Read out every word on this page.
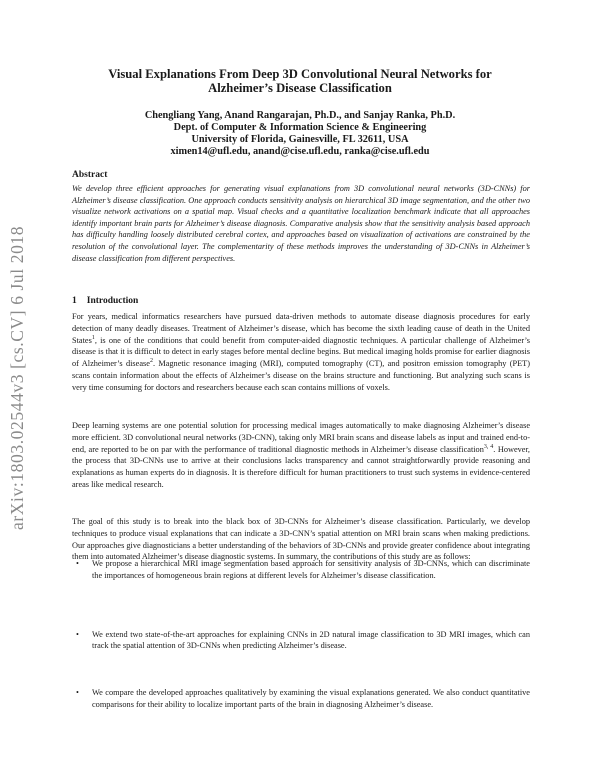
arXiv:1803.02544v3 [cs.CV] 6 Jul 2018
Visual Explanations From Deep 3D Convolutional Neural Networks for
Alzheimer’s Disease Classification
Chengliang Yang, Anand Rangarajan, Ph.D., and Sanjay Ranka, Ph.D.
Dept. of Computer & Information Science & Engineering
University of Florida, Gainesville, FL 32611, USA
ximen14@ufl.edu, anand@cise.ufl.edu, ranka@cise.ufl.edu
Abstract
We develop three efficient approaches for generating visual explanations from 3D convolutional neural networks (3D-CNNs) for Alzheimer’s disease classification. One approach conducts sensitivity analysis on hierarchical 3D image segmentation, and the other two visualize network activations on a spatial map. Visual checks and a quantitative localization benchmark indicate that all approaches identify important brain parts for Alzheimer’s disease diagnosis. Comparative analysis show that the sensitivity analysis based approach has difficulty handling loosely distributed cerebral cortex, and approaches based on visualization of activations are constrained by the resolution of the convolutional layer. The complementarity of these methods improves the understanding of 3D-CNNs in Alzheimer’s disease classification from different perspectives.
1 Introduction
For years, medical informatics researchers have pursued data-driven methods to automate disease diagnosis procedures for early detection of many deadly diseases. Treatment of Alzheimer’s disease, which has become the sixth leading cause of death in the United States$^1$, is one of the conditions that could benefit from computer-aided diagnostic techniques. A particular challenge of Alzheimer’s disease is that it is difficult to detect in early stages before mental decline begins. But medical imaging holds promise for earlier diagnosis of Alzheimer’s disease$^2$. Magnetic resonance imaging (MRI), computed tomography (CT), and positron emission tomography (PET) scans contain information about the effects of Alzheimer’s disease on the brains structure and functioning. But analyzing such scans is very time consuming for doctors and researchers because each scan contains millions of voxels.
Deep learning systems are one potential solution for processing medical images automatically to make diagnosing Alzheimer’s disease more efficient. 3D convolutional neural networks (3D-CNN), taking only MRI brain scans and disease labels as input and trained end-to-end, are reported to be on par with the performance of traditional diagnostic methods in Alzheimer’s disease classification$^{3, 4}$. However, the process that 3D-CNNs use to arrive at their conclusions lacks transparency and cannot straightforwardly provide reasoning and explanations as human experts do in diagnosis. It is therefore difficult for human practitioners to trust such systems in evidence-centered areas like medical research.
The goal of this study is to break into the black box of 3D-CNNs for Alzheimer’s disease classification. Particularly, we develop techniques to produce visual explanations that can indicate a 3D-CNN’s spatial attention on MRI brain scans when making predictions. Our approaches give diagnosticians a better understanding of the behaviors of 3D-CNNs and provide greater confidence about integrating them into automated Alzheimer’s disease diagnostic systems. In summary, the contributions of this study are as follows:
• We propose a hierarchical MRI image segmentation based approach for sensitivity analysis of 3D-CNNs, which can discriminate the importances of homogeneous brain regions at different levels for Alzheimer’s disease classification.
• We extend two state-of-the-art approaches for explaining CNNs in 2D natural image classification to 3D MRI images, which can track the spatial attention of 3D-CNNs when predicting Alzheimer’s disease.
• We compare the developed approaches qualitatively by examining the visual explanations generated. We also conduct quantitative comparisons for their ability to localize important parts of the brain in diagnosing Alzheimer’s disease.
